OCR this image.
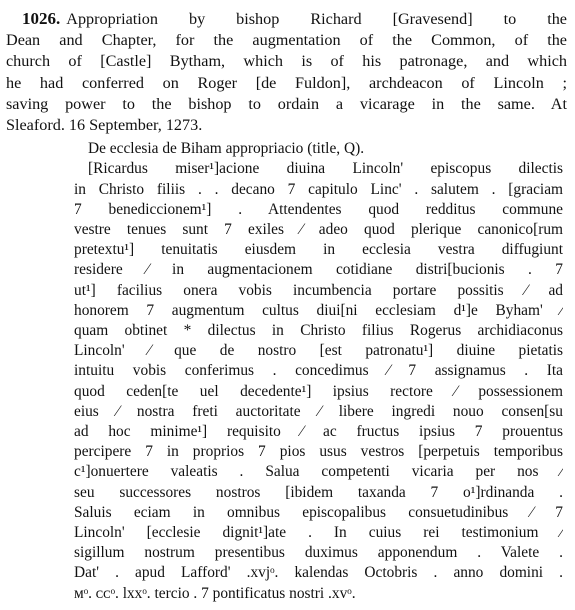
1026. Appropriation by bishop Richard [Gravesend] to the
Dean and Chapter, for the augmentation of the Common, of the
church of [Castle] Bytham, which is of his patronage, and which
he had conferred on Roger [de Fuldon], archdeacon of Lincoln ;
saving power to the bishop to ordain a vicarage in the same. At
Sleaford. 16 September, 1273.
De ecclesia de Biham appropriacio (title, Q).
[Ricardus miser¹]acione diuina Lincoln' episcopus dilectis
in Christo filiis . . decano 7 capitulo Linc' . salutem . [graciam
7 benediccionem¹] . Attendentes quod redditus commune
vestre tenues sunt 7 exiles ⁄ adeo quod plerique canonico[rum
pretextu¹] tenuitatis eiusdem in ecclesia vestra diffugiunt
residere ⁄ in augmentacionem cotidiane distri[bucionis . 7
ut¹] facilius onera vobis incumbencia portare possitis ⁄ ad
honorem 7 augmentum cultus diui[ni ecclesiam d¹]e Byham' ⁄
quam obtinet * dilectus in Christo filius Rogerus archidiaconus
Lincoln' ⁄ que de nostro [est patronatu¹] diuine pietatis
intuitu vobis conferimus . concedimus ⁄ 7 assignamus . Ita
quod ceden[te uel decedente¹] ipsius rectore ⁄ possessionem
eius ⁄ nostra freti auctoritate ⁄ libere ingredi nouo consen[su
ad hoc minime¹] requisito ⁄ ac fructus ipsius 7 prouentus
percipere 7 in proprios 7 pios usus vestros [perpetuis temporibus
c¹]onuertere valeatis . Salua competenti vicaria per nos ⁄
seu successores nostros [ibidem taxanda 7 o¹]rdinanda .
Saluis eciam in omnibus episcopalibus consuetudinibus ⁄ 7
Lincoln' [ecclesie dignit¹]ate . In cuius rei testimonium ⁄
sigillum nostrum presentibus duximus apponendum . Valete .
Dat' . apud Lafford' .xvjᵒ. kalendas Octobris . anno domini .
ᴍᵒ. ᴄᴄᵒ. lxxᵒ. tercio . 7 pontificatus nostri .xvᵒ.
